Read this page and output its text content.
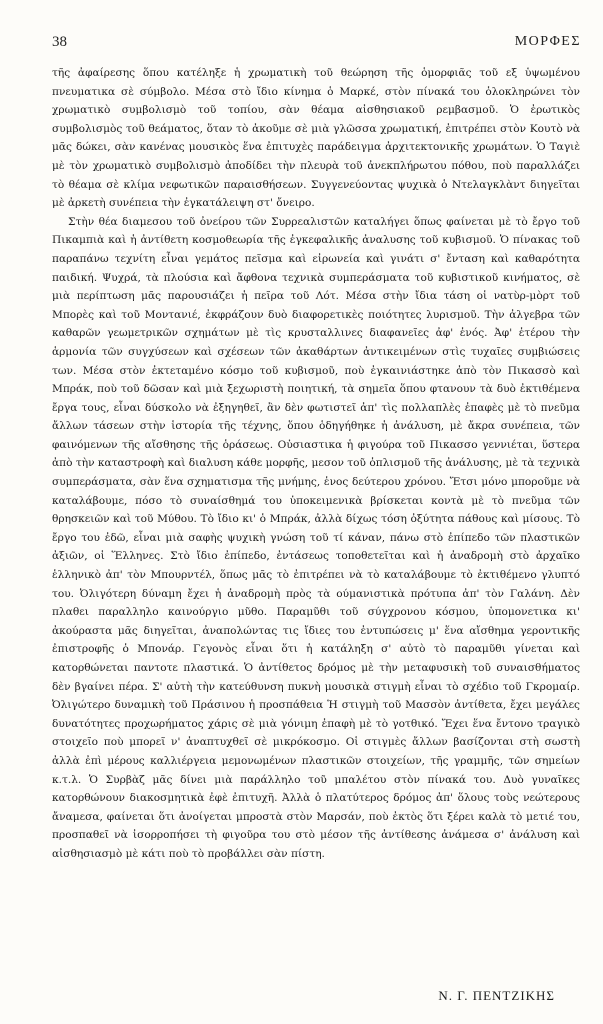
38	ΜΟΡΦΕΣ

τῆς ἀφαίρεσης ὅπου κατέληξε ἡ χρωματικὴ τοῦ θεώρηση τῆς ὁμορφιᾶς τοῦ εξ ὑψωμένου πνευματικα σὲ σύμβολο. Μέσα στὸ ἴδιο κίνημα ὁ Μαρκέ, στὸν πίνακά του ὁλοκληρώνει τὸν χρωματικὸ συμβολισμὸ τοῦ τοπίου, σὰν θέαμα αἰσθησιακοῦ ρεμβασμοῦ. Ὁ ἐρωτικὸς συμβολισμὸς τοῦ θεάματος, ὅταν τὸ ἀκοῦμε σὲ μιὰ γλῶσσα χρωματική, ἐπιτρέπει στὸν Κουτὸ νὰ μᾶς δώκει, σὰν κανένας μουσικὸς ἕνα ἐπιτυχὲς παράδειγμα ἀρχιτεκτονικῆς χρωμάτων. Ὁ Ταγιὲ μὲ τὸν χρωματικὸ συμβολισμὸ ἀποδίδει τὴν πλευρὰ τοῦ ἀνεκπλήρωτου πόθου, ποὺ παραλλάζει τὸ θέαμα σὲ κλίμα νεφωτικῶν παραισθήσεων. Συγγενεύοντας ψυχικὰ ὁ Ντελαγκλὰντ διηγεῖται μὲ ἀρκετὴ συνέπεια τὴν ἐγκατάλειψη στ' ὄνειρο.

Στὴν θέα διαμεσου τοῦ ὀνείρου τῶν Συρρεαλιστῶν καταλήγει ὅπως φαίνεται μὲ τὸ ἔργο τοῦ Πικαμπιὰ καὶ ἡ ἀντίθετη κοσμοθεωρία τῆς ἐγκεφαλικῆς ἀναλυσης τοῦ κυβισμοῦ. Ὁ πίνακας τοῦ παραπάνω τεχνίτη εἶναι γεμάτος πεῖσμα καὶ εἰρωνεία καὶ γινάτι σ' ἔνταση καὶ καθαρότητα παιδική. Ψυχρά, τὰ πλούσια καὶ ἄφθονα τεχνικὰ συμπεράσματα τοῦ κυβιστικοῦ κινήματος, σὲ μιὰ περίπτωση μᾶς παρουσιάζει ἡ πεῖρα τοῦ Λότ. Μέσα στὴν ἴδια τάση οἱ νατὺρ-μὸρτ τοῦ Μπορὲς καὶ τοῦ Μοντανιέ, ἐκφράζουν δυὸ διαφορετικὲς ποιότητες λυρισμοῦ. Τὴν ἀλγεβρα τῶν καθαρῶν γεωμετρικῶν σχημάτων μὲ τὶς κρυσταλλινες διαφανεῖες ἀφ' ἑνός. Ἀφ' ἑτέρου τὴν ἁρμονία τῶν συγχύσεων καὶ σχέσεων τῶν ἀκαθάρτων ἀντικειμένων στὶς τυχαῖες συμβιώσεις των. Μέσα στὸν ἐκτεταμένο κόσμο τοῦ κυβισμοῦ, ποὺ ἐγκαινιάστηκε ἀπὸ τὸν Πικασσὸ καὶ Μπράκ, ποὺ τοῦ δῶσαν καὶ μιὰ ξεχωριστὴ ποιητική, τὰ σημεῖα ὅπου φτανουν τὰ δυὸ ἐκτιθέμενα ἔργα τους, εἶναι δύσκολο νὰ ἐξηγηθεῖ, ἂν δὲν φωτιστεῖ ἀπ' τὶς πολλαπλὲς ἐπαφὲς μὲ τὸ πνεῦμα ἄλλων τάσεων στὴν ἱστορία τῆς τέχνης, ὅπου ὁδηγήθηκε ἡ ἀνάλυση, μὲ ἄκρα συνέπεια, τῶν φαινόμενων τῆς αἴσθησης τῆς ὁράσεως. Οὐσιαστικα ἡ φιγούρα τοῦ Πικασσο γεννιέται, ὕστερα ἀπὸ τὴν καταστροφὴ καὶ διαλυση κάθε μορφῆς, μεσον τοῦ ὁπλισμοῦ τῆς ἀνάλυσης, μὲ τὰ τεχνικὰ συμπεράσματα, σὰν ἕνα σχηματισμα τῆς μνήμης, ἑνος δεύτερου χρόνου. Ἔτσι μόνο μποροῦμε νὰ καταλάβουμε, πόσο τὸ συναίσθημά του ὑποκειμενικὰ βρίσκεται κοντὰ μὲ τὸ πνεῦμα τῶν θρησκειῶν καὶ τοῦ Μύθου. Τὸ ἴδιο κι' ὁ Μπράκ, ἀλλὰ δίχως τόση ὀξύτητα πάθους καὶ μίσους. Τὸ ἔργο του ἐδῶ, εἶναι μιὰ σαφὴς ψυχικὴ γνώση τοῦ τί κάναν, πάνω στὸ ἐπίπεδο τῶν πλαστικῶν ἀξιῶν, οἱ Ἕλληνες. Στὸ ἴδιο ἐπίπεδο, ἐντάσεως τοποθετεῖται καὶ ἡ ἀναδρομὴ στὸ ἀρχαῖκο ἑλληνικὸ ἀπ' τὸν Μπουρντέλ, ὅπως μᾶς τὸ ἐπιτρέπει νὰ τὸ καταλάβουμε τὸ ἐκτιθέμενο γλυπτό του. Ὀλιγότερη δύναμη ἔχει ἡ ἀναδρομὴ πρὸς τὰ ούμανιστικὰ πρότυπα ἀπ' τὸν Γαλάνη. Δὲν πλαθει παραλληλο καινούργιο μῦθο. Παραμῦθι τοῦ σύγχρονου κόσμου, ὑπομονετικα κι' ἀκούραστα μᾶς διηγεῖται, ἀναπολώντας τις ἴδιες του ἐντυπώσεις μ' ἕνα αἴσθημα γεροντικῆς ἐπιστροφῆς ὁ Μπονάρ. Γεγονὸς εἶναι ὅτι ἡ κατάληξη σ' αὐτὸ τὸ παραμῦθι γίνεται καὶ κατορθώνεται παντοτε πλαστικά. Ὁ ἀντίθετος δρόμος μὲ τὴν μεταφυσικὴ τοῦ συναισθήματος δὲν βγαίνει πέρα. Σ' αὐτὴ τὴν κατεύθυνση πυκνὴ μουσικὰ στιγμὴ εἶναι τὸ σχέδιο τοῦ Γκρομαίρ. Ὀλιγώτερο δυναμικὴ τοῦ Πράσινου ἡ προσπάθεια Ἡ στιγμὴ τοῦ Μασσὸν ἀντίθετα, ἔχει μεγάλες δυνατότητες προχωρήματος χάρις σὲ μιὰ γόνιμη ἐπαφὴ μὲ τὸ γοτθικό. Ἔχει ἕνα ἔντονο τραγικὸ στοιχεῖο ποὺ μπορεῖ ν' ἀναπτυχθεῖ σὲ μικρόκοσμο. Οἱ στιγμὲς ἄλλων βασίζονται στὴ σωστὴ ἀλλὰ ἐπὶ μέρους καλλιέργεια μεμονωμένων πλαστικῶν στοιχείων, τῆς γραμμῆς, τῶν σημείων κ.τ.λ. Ὁ Συρβὰζ μᾶς δίνει μιὰ παράλληλο τοῦ μπαλέτου στὸν πίνακά του. Δυὸ γυναῖκες κατορθώνουν διακοσμητικὰ ἐφὲ ἐπιτυχῆ. Ἀλλὰ ὁ πλατύτερος δρόμος ἀπ' ὅλους τοὺς νεώτερους ἄναμεσα, φαίνεται ὅτι ἀνοίγεται μπροστὰ στὸν Μαρσάν, ποὺ ἐκτὸς ὅτι ξέρει καλὰ τὸ μετιέ του, προσπαθεῖ νὰ ἰσορροπήσει τὴ φιγοῦρα του στὸ μέσον τῆς ἀντίθεσης ἀνάμεσα σ' ἀνάλυση καὶ αἰσθησιασμὸ μὲ κάτι ποὺ τὸ προβάλλει σὰν πίστη.

Ν. Γ. ΠΕΝΤΖΙΚΗΣ
